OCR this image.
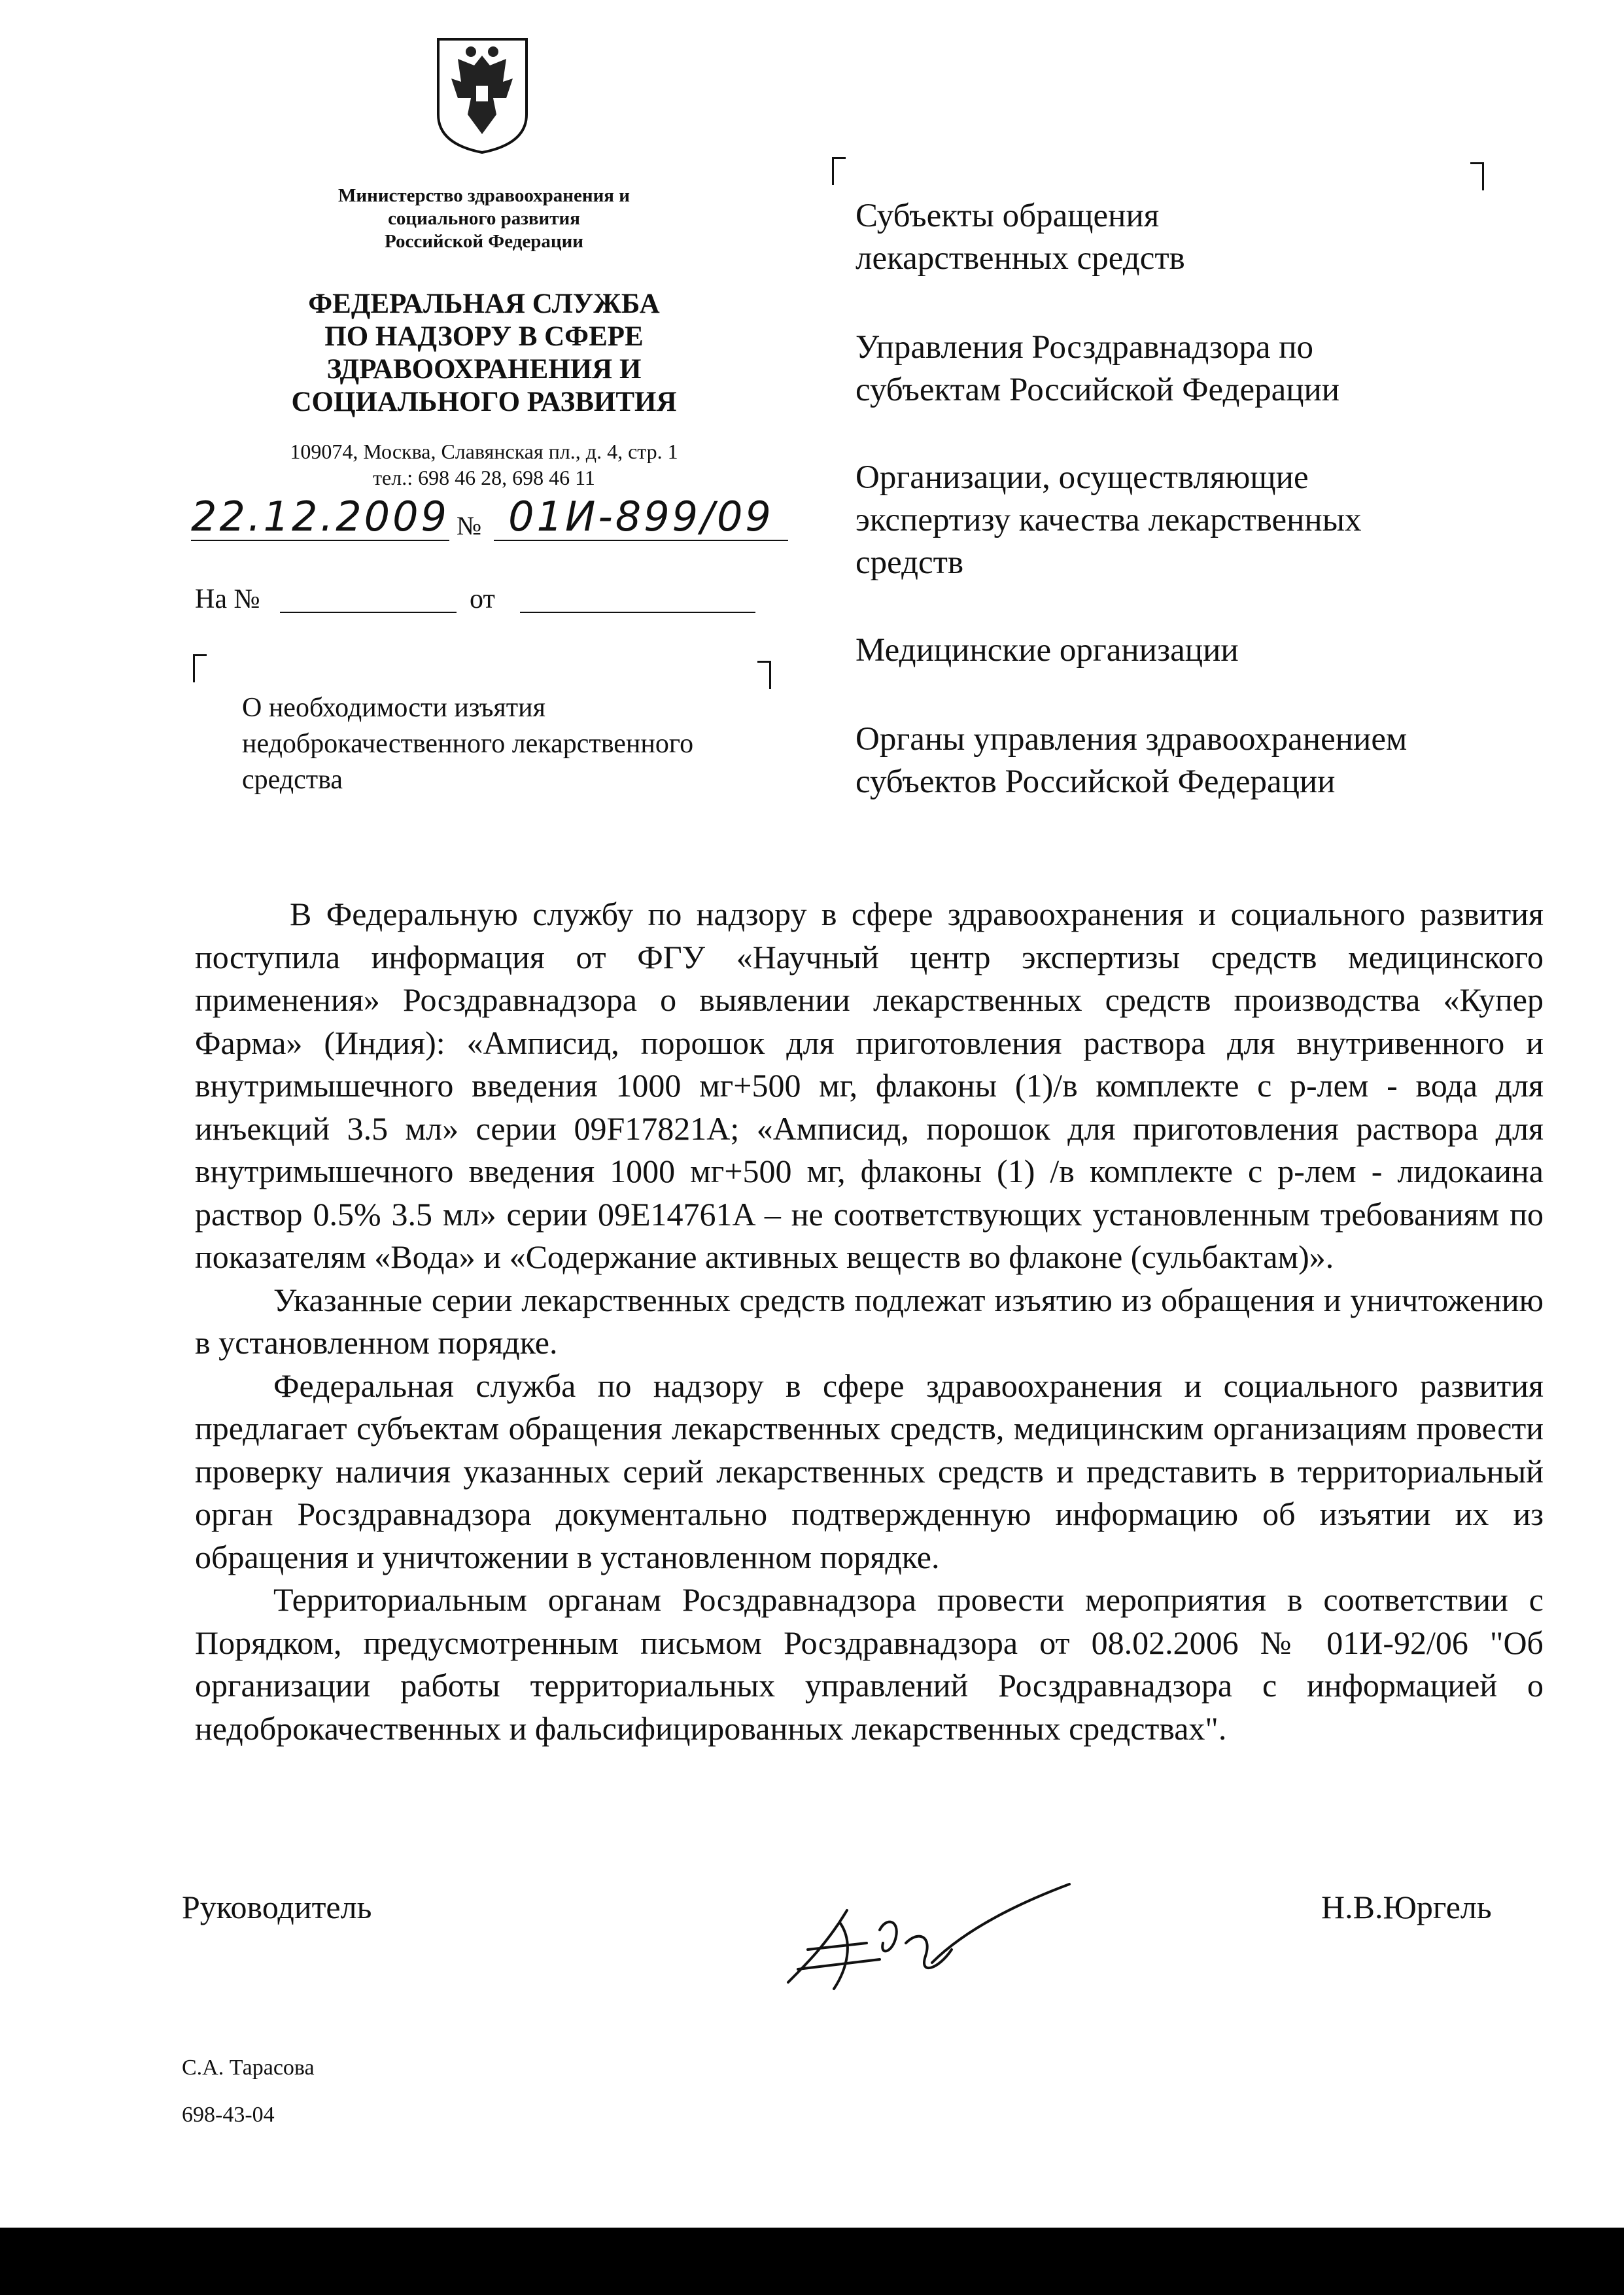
Министерство здравоохранения и
социального развития
Российской Федерации
ФЕДЕРАЛЬНАЯ СЛУЖБА
ПО НАДЗОРУ В СФЕРЕ
ЗДРАВООХРАНЕНИЯ И
СОЦИАЛЬНОГО РАЗВИТИЯ
109074, Москва, Славянская пл., д. 4, стр. 1
тел.: 698 46 28, 698 46 11
22.12.2009 № 01И-899/09
На №	от
О необходимости изъятия
недоброкачественного лекарственного
средства
Субъекты обращения
лекарственных средств
Управления Росздравнадзора по
субъектам Российской Федерации
Организации, осуществляющие
экспертизу качества лекарственных
средств
Медицинские организации
Органы управления здравоохранением
субъектов Российской Федерации

В Федеральную службу по надзору в сфере здравоохранения и социального развития поступила информация от ФГУ «Научный центр экспертизы средств медицинского применения» Росздравнадзора о выявлении лекарственных средств производства «Купер Фарма» (Индия): «Амписид, порошок для приготовления раствора для внутривенного и внутримышечного введения 1000 мг+500 мг, флаконы (1)/в комплекте с р-лем - вода для инъекций 3.5 мл» серии 09F17821A; «Амписид, порошок для приготовления раствора для внутримышечного введения 1000 мг+500 мг, флаконы (1) /в комплекте с р-лем - лидокаина раствор 0.5% 3.5 мл» серии 09E14761A – не соответствующих установленным требованиям по показателям «Вода» и «Содержание активных веществ во флаконе (сульбактам)».

Указанные серии лекарственных средств подлежат изъятию из обращения и уничтожению в установленном порядке.

Федеральная служба по надзору в сфере здравоохранения и социального развития предлагает субъектам обращения лекарственных средств, медицинским организациям провести проверку наличия указанных серий лекарственных средств и представить в территориальный орган Росздравнадзора документально подтвержденную информацию об изъятии их из обращения и уничтожении в установленном порядке.

Территориальным органам Росздравнадзора провести мероприятия в соответствии с Порядком, предусмотренным письмом Росздравнадзора от 08.02.2006 № 01И-92/06 "Об организации работы территориальных управлений Росздравнадзора с информацией о недоброкачественных и фальсифицированных лекарственных средствах".

Руководитель	Н.В.Юргель
С.А. Тарасова
698-43-04
